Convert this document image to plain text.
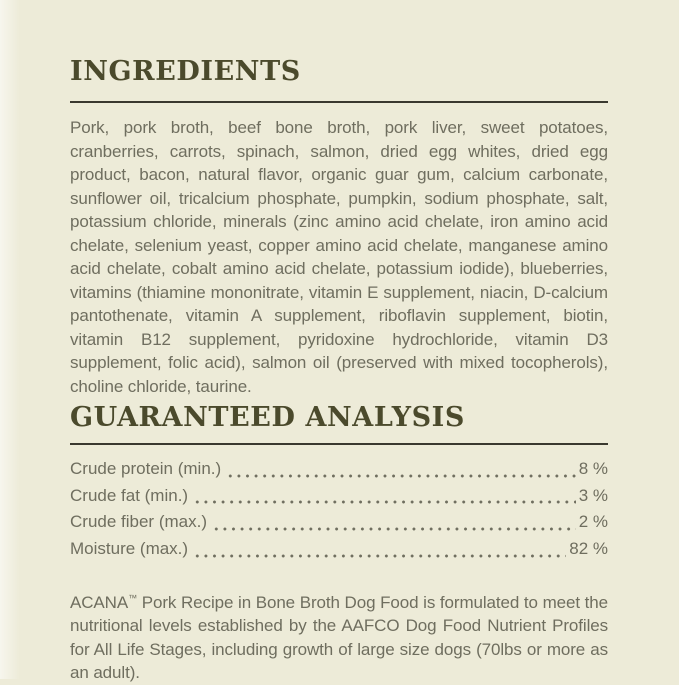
INGREDIENTS

Pork, pork broth, beef bone broth, pork liver, sweet potatoes, cranberries, carrots, spinach, salmon, dried egg whites, dried egg product, bacon, natural flavor, organic guar gum, calcium carbonate, sunflower oil, tricalcium phosphate, pumpkin, sodium phosphate, salt, potassium chloride, minerals (zinc amino acid chelate, iron amino acid chelate, selenium yeast, copper amino acid chelate, manganese amino acid chelate, cobalt amino acid chelate, potassium iodide), blueberries, vitamins (thiamine mononitrate, vitamin E supplement, niacin, D-calcium pantothenate, vitamin A supplement, riboflavin supplement, biotin, vitamin B12 supplement, pyridoxine hydrochloride, vitamin D3 supplement, folic acid), salmon oil (preserved with mixed tocopherols), choline chloride, taurine.

GUARANTEED ANALYSIS
Crude protein (min.)	8 %
Crude fat (min.)	3 %
Crude fiber (max.)	2 %
Moisture (max.)	82 %

ACANA™ Pork Recipe in Bone Broth Dog Food is formulated to meet the nutritional levels established by the AAFCO Dog Food Nutrient Profiles for All Life Stages, including growth of large size dogs (70lbs or more as an adult).
